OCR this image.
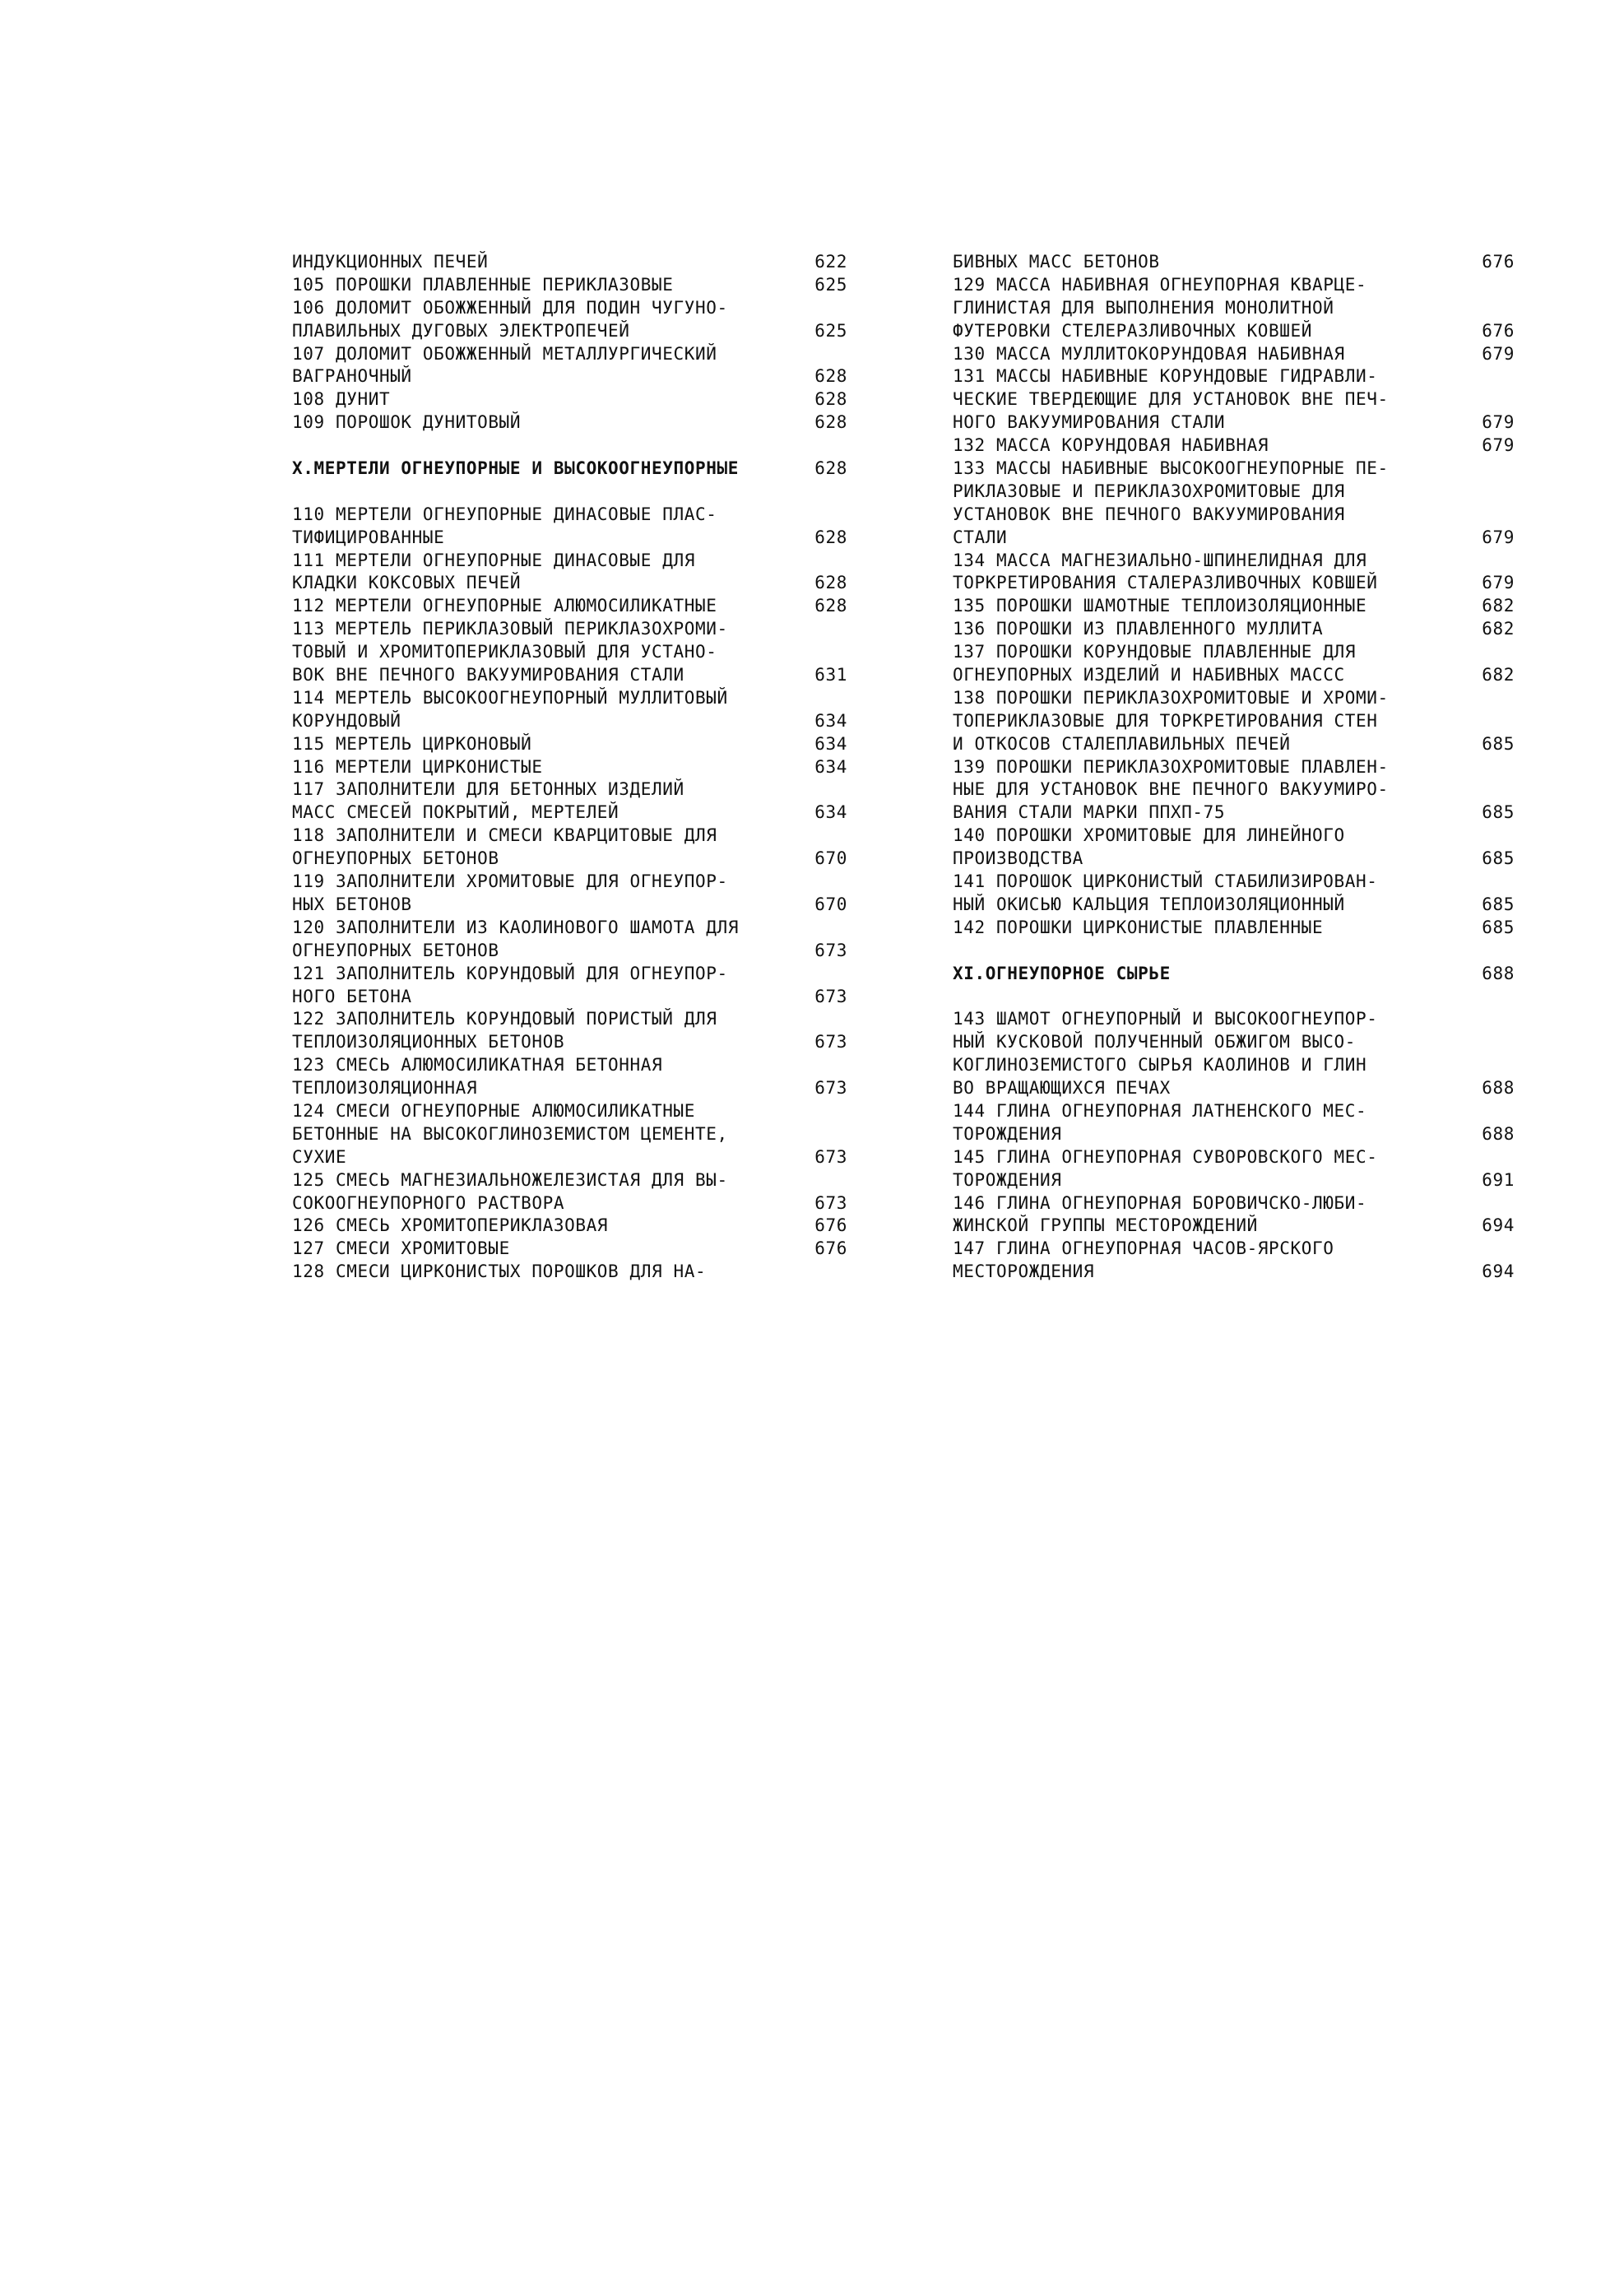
ИНДУКЦИОННЫХ ПЕЧЕЙ	622
105 ПОРОШКИ ПЛАВЛЕННЫЕ ПЕРИКЛАЗОВЫЕ	625
106 ДОЛОМИТ ОБОЖЖЕННЫЙ ДЛЯ ПОДИН ЧУГУНО-
ПЛАВИЛЬНЫХ ДУГОВЫХ ЭЛЕКТРОПЕЧЕЙ	625
107 ДОЛОМИТ ОБОЖЖЕННЫЙ МЕТАЛЛУРГИЧЕСКИЙ
ВАГРАНОЧНЫЙ	628
108 ДУНИТ	628
109 ПОРОШОК ДУНИТОВЫЙ	628
X.МЕРТЕЛИ ОГНЕУПОРНЫЕ И ВЫСОКООГНЕУПОРНЫЕ	628
110 МЕРТЕЛИ ОГНЕУПОРНЫЕ ДИНАСОВЫЕ ПЛАС-
ТИФИЦИРОВАННЫЕ	628
111 МЕРТЕЛИ ОГНЕУПОРНЫЕ ДИНАСОВЫЕ ДЛЯ
КЛАДКИ КОКСОВЫХ ПЕЧЕЙ	628
112 МЕРТЕЛИ ОГНЕУПОРНЫЕ АЛЮМОСИЛИКАТНЫЕ	628
113 МЕРТЕЛЬ ПЕРИКЛАЗОВЫЙ ПЕРИКЛАЗОХРОМИ-
ТОВЫЙ И ХРОМИТОПЕРИКЛАЗОВЫЙ ДЛЯ УСТАНО-
ВОК ВНЕ ПЕЧНОГО ВАКУУМИРОВАНИЯ СТАЛИ	631
114 МЕРТЕЛЬ ВЫСОКООГНЕУПОРНЫЙ МУЛЛИТОВЫЙ
КОРУНДОВЫЙ	634
115 МЕРТЕЛЬ ЦИРКОНОВЫЙ	634
116 МЕРТЕЛИ ЦИРКОНИСТЫЕ	634
117 ЗАПОЛНИТЕЛИ ДЛЯ БЕТОННЫХ ИЗДЕЛИЙ
МАСС СМЕСЕЙ ПОКРЫТИЙ, МЕРТЕЛЕЙ	634
118 ЗАПОЛНИТЕЛИ И СМЕСИ КВАРЦИТОВЫЕ ДЛЯ
ОГНЕУПОРНЫХ БЕТОНОВ	670
119 ЗАПОЛНИТЕЛИ ХРОМИТОВЫЕ ДЛЯ ОГНЕУПОР-
НЫХ БЕТОНОВ	670
120 ЗАПОЛНИТЕЛИ ИЗ КАОЛИНОВОГО ШАМОТА ДЛЯ
ОГНЕУПОРНЫХ БЕТОНОВ	673
121 ЗАПОЛНИТЕЛЬ КОРУНДОВЫЙ ДЛЯ ОГНЕУПОР-
НОГО БЕТОНА	673
122 ЗАПОЛНИТЕЛЬ КОРУНДОВЫЙ ПОРИСТЫЙ ДЛЯ
ТЕПЛОИЗОЛЯЦИОННЫХ БЕТОНОВ	673
123 СМЕСЬ АЛЮМОСИЛИКАТНАЯ БЕТОННАЯ
ТЕПЛОИЗОЛЯЦИОННАЯ	673
124 СМЕСИ ОГНЕУПОРНЫЕ АЛЮМОСИЛИКАТНЫЕ
БЕТОННЫЕ НА ВЫСОКОГЛИНОЗЕМИСТОМ ЦЕМЕНТЕ,
СУХИЕ	673
125 СМЕСЬ МАГНЕЗИАЛЬНОЖЕЛЕЗИСТАЯ ДЛЯ ВЫ-
СОКООГНЕУПОРНОГО РАСТВОРА	673
126 СМЕСЬ ХРОМИТОПЕРИКЛАЗОВАЯ	676
127 СМЕСИ ХРОМИТОВЫЕ	676
128 СМЕСИ ЦИРКОНИСТЫХ ПОРОШКОВ ДЛЯ НА-
БИВНЫХ МАСС БЕТОНОВ	676
129 МАССА НАБИВНАЯ ОГНЕУПОРНАЯ КВАРЦЕ-
ГЛИНИСТАЯ ДЛЯ ВЫПОЛНЕНИЯ МОНОЛИТНОЙ
ФУТЕРОВКИ СТЕЛЕРАЗЛИВОЧНЫХ КОВШЕЙ	676
130 МАССА МУЛЛИТОКОРУНДОВАЯ НАБИВНАЯ	679
131 МАССЫ НАБИВНЫЕ КОРУНДОВЫЕ ГИДРАВЛИ-
ЧЕСКИЕ ТВЕРДЕЮЩИЕ ДЛЯ УСТАНОВОК ВНЕ ПЕЧ-
НОГО ВАКУУМИРОВАНИЯ СТАЛИ	679
132 МАССА КОРУНДОВАЯ НАБИВНАЯ	679
133 МАССЫ НАБИВНЫЕ ВЫСОКООГНЕУПОРНЫЕ ПЕ-
РИКЛАЗОВЫЕ И ПЕРИКЛАЗОХРОМИТОВЫЕ ДЛЯ
УСТАНОВОК ВНЕ ПЕЧНОГО ВАКУУМИРОВАНИЯ
СТАЛИ	679
134 МАССА МАГНЕЗИАЛЬНО-ШПИНЕЛИДНАЯ ДЛЯ
ТОРКРЕТИРОВАНИЯ СТАЛЕРАЗЛИВОЧНЫХ КОВШЕЙ	679
135 ПОРОШКИ ШАМОТНЫЕ ТЕПЛОИЗОЛЯЦИОННЫЕ	682
136 ПОРОШКИ ИЗ ПЛАВЛЕННОГО МУЛЛИТА	682
137 ПОРОШКИ КОРУНДОВЫЕ ПЛАВЛЕННЫЕ ДЛЯ
ОГНЕУПОРНЫХ ИЗДЕЛИЙ И НАБИВНЫХ МАССС	682
138 ПОРОШКИ ПЕРИКЛАЗОХРОМИТОВЫЕ И ХРОМИ-
ТОПЕРИКЛАЗОВЫЕ ДЛЯ ТОРКРЕТИРОВАНИЯ СТЕН
И ОТКОСОВ СТАЛЕПЛАВИЛЬНЫХ ПЕЧЕЙ	685
139 ПОРОШКИ ПЕРИКЛАЗОХРОМИТОВЫЕ ПЛАВЛЕН-
НЫЕ ДЛЯ УСТАНОВОК ВНЕ ПЕЧНОГО ВАКУУМИРО-
ВАНИЯ СТАЛИ МАРКИ ППХП-75	685
140 ПОРОШКИ ХРОМИТОВЫЕ ДЛЯ ЛИНЕЙНОГО
ПРОИЗВОДСТВА	685
141 ПОРОШОК ЦИРКОНИСТЫЙ СТАБИЛИЗИРОВАН-
НЫЙ ОКИСЬЮ КАЛЬЦИЯ ТЕПЛОИЗОЛЯЦИОННЫЙ	685
142 ПОРОШКИ ЦИРКОНИСТЫЕ ПЛАВЛЕННЫЕ	685
XI.ОГНЕУПОРНОЕ СЫРЬЕ	688
143 ШАМОТ ОГНЕУПОРНЫЙ И ВЫСОКООГНЕУПОР-
НЫЙ КУСКОВОЙ ПОЛУЧЕННЫЙ ОБЖИГОМ ВЫСО-
КОГЛИНОЗЕМИСТОГО СЫРЬЯ КАОЛИНОВ И ГЛИН
ВО ВРАЩАЮЩИХСЯ ПЕЧАХ	688
144 ГЛИНА ОГНЕУПОРНАЯ ЛАТНЕНСКОГО МЕС-
ТОРОЖДЕНИЯ	688
145 ГЛИНА ОГНЕУПОРНАЯ СУВОРОВСКОГО МЕС-
ТОРОЖДЕНИЯ	691
146 ГЛИНА ОГНЕУПОРНАЯ БОРОВИЧСКО-ЛЮБИ-
ЖИНСКОЙ ГРУППЫ МЕСТОРОЖДЕНИЙ	694
147 ГЛИНА ОГНЕУПОРНАЯ ЧАСОВ-ЯРСКОГО
МЕСТОРОЖДЕНИЯ	694
